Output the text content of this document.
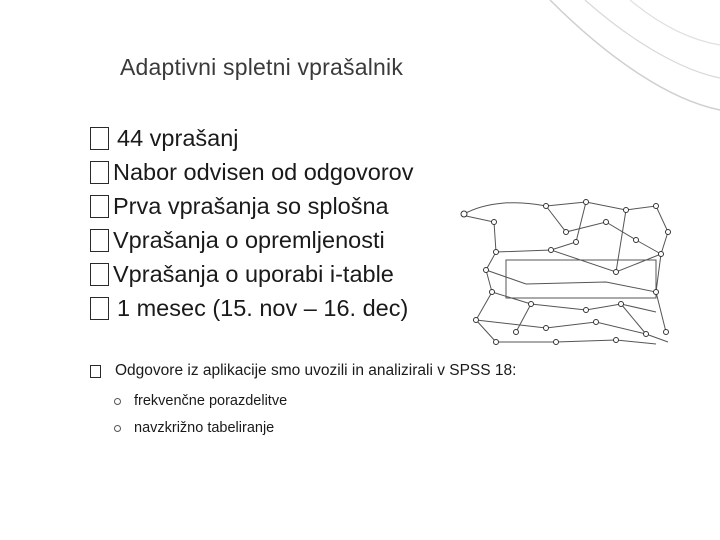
Adaptivni spletni vprašalnik
44 vprašanj
Nabor odvisen od odgovorov
Prva vprašanja so splošna
Vprašanja o opremljenosti
Vprašanja o uporabi i-table
1 mesec (15. nov – 16. dec)
Odgovore iz aplikacije smo uvozili in analizirali v SPSS 18:
frekvenčne porazdelitve
navzkrižno tabeliranje
